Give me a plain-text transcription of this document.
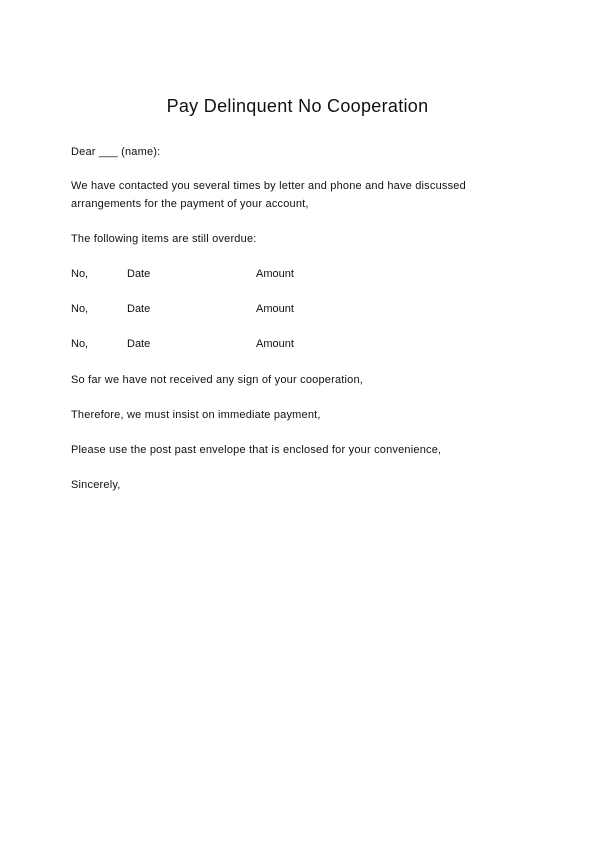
Pay Delinquent No Cooperation
Dear ___ (name):
We have contacted you several times by letter and phone and have discussed arrangements for the payment of your account,
The following items are still overdue:
No,	Date	Amount
No,	Date	Amount
No,	Date	Amount
So far we have not received any sign of your cooperation,
Therefore, we must insist on immediate payment,
Please use the post past envelope that is enclosed for your convenience,
Sincerely,
